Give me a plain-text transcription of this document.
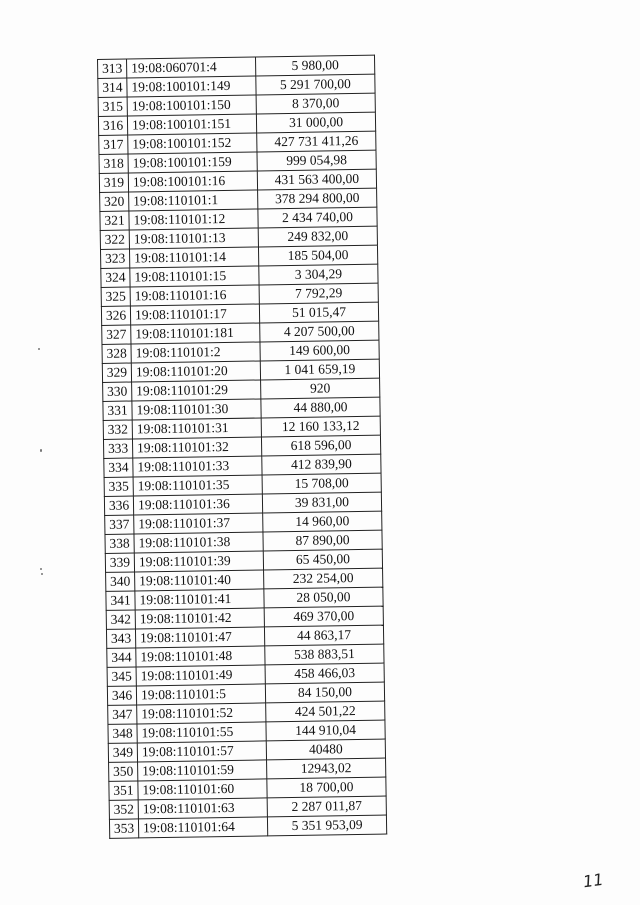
313	19:08:060701:4	5 980,00
314	19:08:100101:149	5 291 700,00
315	19:08:100101:150	8 370,00
316	19:08:100101:151	31 000,00
317	19:08:100101:152	427 731 411,26
318	19:08:100101:159	999 054,98
319	19:08:100101:16	431 563 400,00
320	19:08:110101:1	378 294 800,00
321	19:08:110101:12	2 434 740,00
322	19:08:110101:13	249 832,00
323	19:08:110101:14	185 504,00
324	19:08:110101:15	3 304,29
325	19:08:110101:16	7 792,29
326	19:08:110101:17	51 015,47
327	19:08:110101:181	4 207 500,00
328	19:08:110101:2	149 600,00
329	19:08:110101:20	1 041 659,19
330	19:08:110101:29	920
331	19:08:110101:30	44 880,00
332	19:08:110101:31	12 160 133,12
333	19:08:110101:32	618 596,00
334	19:08:110101:33	412 839,90
335	19:08:110101:35	15 708,00
336	19:08:110101:36	39 831,00
337	19:08:110101:37	14 960,00
338	19:08:110101:38	87 890,00
339	19:08:110101:39	65 450,00
340	19:08:110101:40	232 254,00
341	19:08:110101:41	28 050,00
342	19:08:110101:42	469 370,00
343	19:08:110101:47	44 863,17
344	19:08:110101:48	538 883,51
345	19:08:110101:49	458 466,03
346	19:08:110101:5	84 150,00
347	19:08:110101:52	424 501,22
348	19:08:110101:55	144 910,04
349	19:08:110101:57	40480
350	19:08:110101:59	12943,02
351	19:08:110101:60	18 700,00
352	19:08:110101:63	2 287 011,87
353	19:08:110101:64	5 351 953,09
11
